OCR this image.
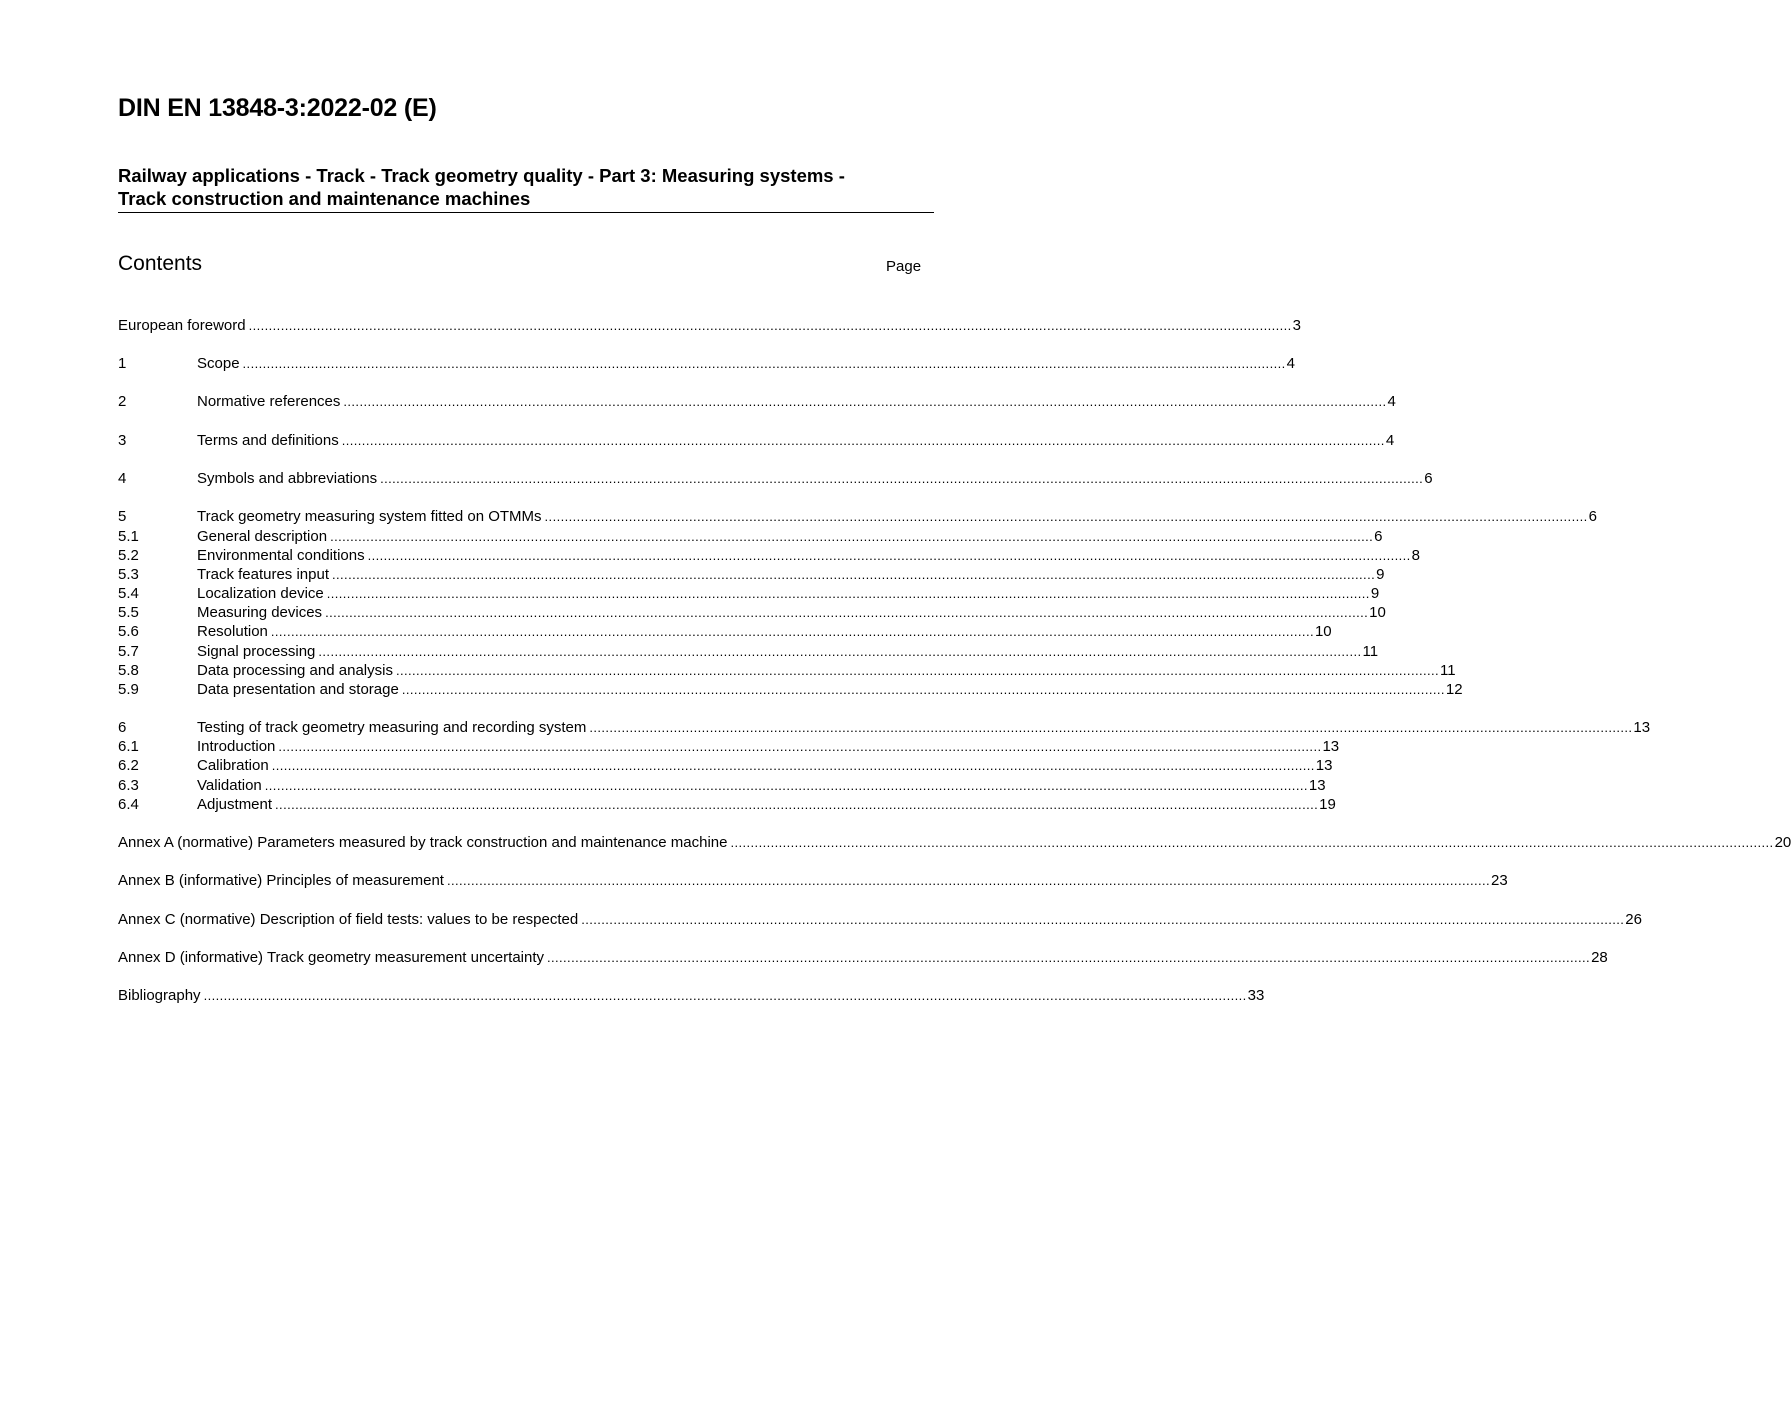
DIN EN 13848-3:2022-02 (E)
Railway applications - Track - Track geometry quality - Part 3: Measuring systems -
Track construction and maintenance machines
Contents	Page
European foreword .................................................................................................................................................................................................................................................................... 3
1	Scope .................................................................................................................................................................................................................................................................... 4
2	Normative references .................................................................................................................................................................................................................................................................... 4
3	Terms and definitions .................................................................................................................................................................................................................................................................... 4
4	Symbols and abbreviations .................................................................................................................................................................................................................................................................... 6
5	Track geometry measuring system fitted on OTMMs .................................................................................................................................................................................................................................................................... 6
5.1	General description .................................................................................................................................................................................................................................................................... 6
5.2	Environmental conditions .................................................................................................................................................................................................................................................................... 8
5.3	Track features input .................................................................................................................................................................................................................................................................... 9
5.4	Localization device .................................................................................................................................................................................................................................................................... 9
5.5	Measuring devices .................................................................................................................................................................................................................................................................... 10
5.6	Resolution .................................................................................................................................................................................................................................................................... 10
5.7	Signal processing .................................................................................................................................................................................................................................................................... 11
5.8	Data processing and analysis .................................................................................................................................................................................................................................................................... 11
5.9	Data presentation and storage .................................................................................................................................................................................................................................................................... 12
6	Testing of track geometry measuring and recording system .................................................................................................................................................................................................................................................................... 13
6.1	Introduction .................................................................................................................................................................................................................................................................... 13
6.2	Calibration .................................................................................................................................................................................................................................................................... 13
6.3	Validation .................................................................................................................................................................................................................................................................... 13
6.4	Adjustment .................................................................................................................................................................................................................................................................... 19
Annex A (normative) Parameters measured by track construction and maintenance machine .................................................................................................................................................................................................................................................................... 20
Annex B (informative) Principles of measurement .................................................................................................................................................................................................................................................................... 23
Annex C (normative) Description of field tests: values to be respected .................................................................................................................................................................................................................................................................... 26
Annex D (informative) Track geometry measurement uncertainty .................................................................................................................................................................................................................................................................... 28
Bibliography .................................................................................................................................................................................................................................................................... 33
